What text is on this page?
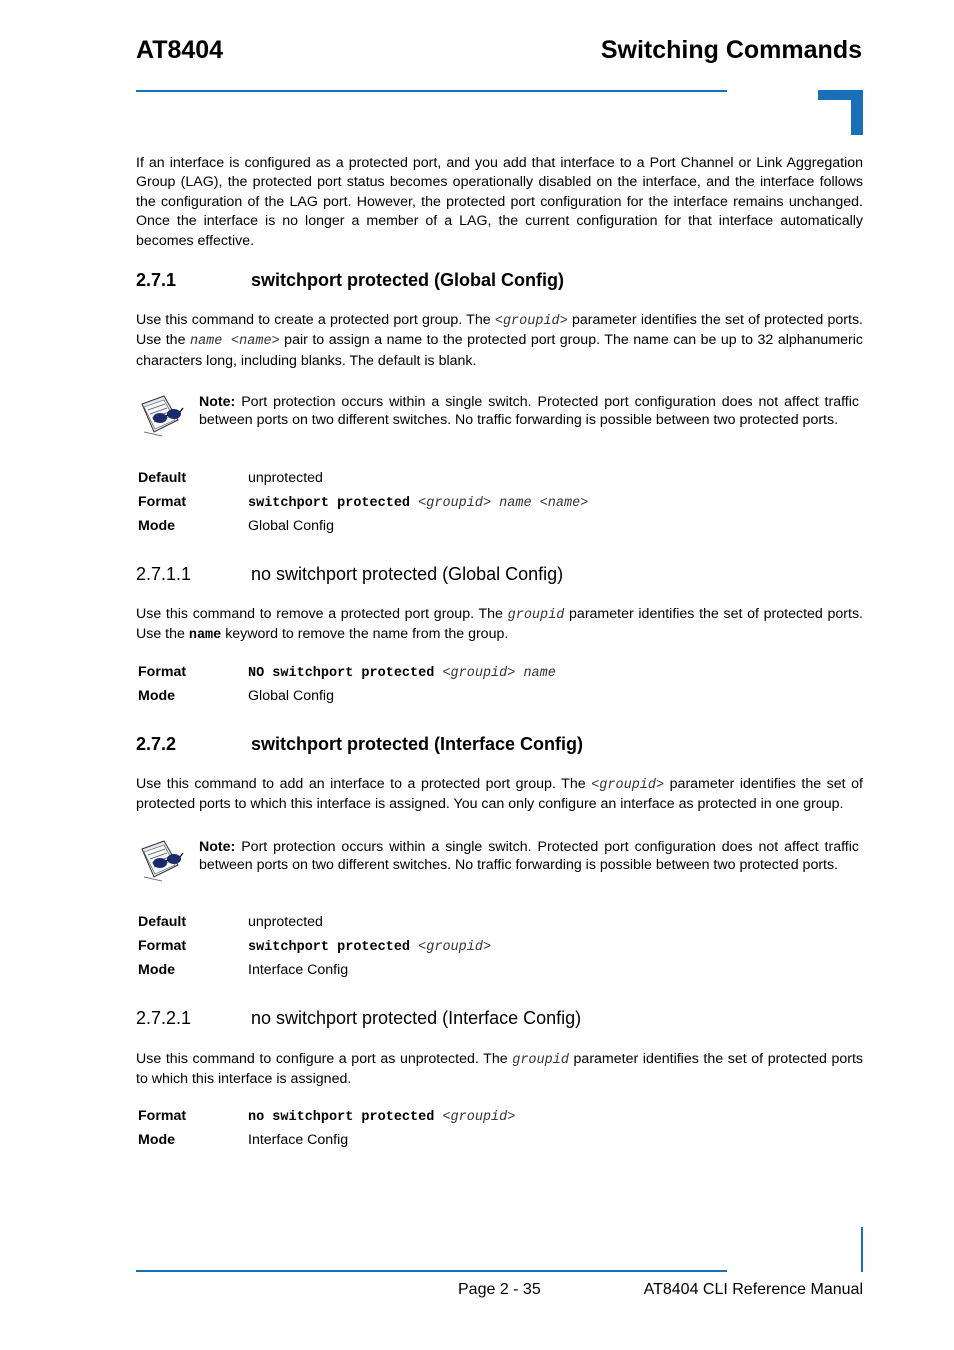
AT8404	Switching Commands
If an interface is configured as a protected port, and you add that interface to a Port Channel or Link Aggregation Group (LAG), the protected port status becomes operationally disabled on the interface, and the interface follows the configuration of the LAG port. However, the protected port configuration for the interface remains unchanged. Once the interface is no longer a member of a LAG, the current configuration for that interface automatically becomes effective.
2.7.1	switchport protected (Global Config)
Use this command to create a protected port group. The <groupid> parameter identifies the set of protected ports. Use the name <name> pair to assign a name to the protected port group. The name can be up to 32 alphanumeric characters long, including blanks. The default is blank.
Note: Port protection occurs within a single switch. Protected port configuration does not affect traffic between ports on two different switches. No traffic forwarding is possible between two protected ports.
Default	unprotected
Format	switchport protected <groupid> name <name>
Mode	Global Config
2.7.1.1	no switchport protected (Global Config)
Use this command to remove a protected port group. The groupid parameter identifies the set of protected ports. Use the name keyword to remove the name from the group.
Format	NO switchport protected <groupid> name
Mode	Global Config
2.7.2	switchport protected (Interface Config)
Use this command to add an interface to a protected port group. The <groupid> parameter identifies the set of protected ports to which this interface is assigned. You can only configure an interface as protected in one group.
Note: Port protection occurs within a single switch. Protected port configuration does not affect traffic between ports on two different switches. No traffic forwarding is possible between two protected ports.
Default	unprotected
Format	switchport protected <groupid>
Mode	Interface Config
2.7.2.1	no switchport protected (Interface Config)
Use this command to configure a port as unprotected. The groupid parameter identifies the set of protected ports to which this interface is assigned.
Format	no switchport protected <groupid>
Mode	Interface Config
Page 2 - 35	AT8404 CLI Reference Manual
